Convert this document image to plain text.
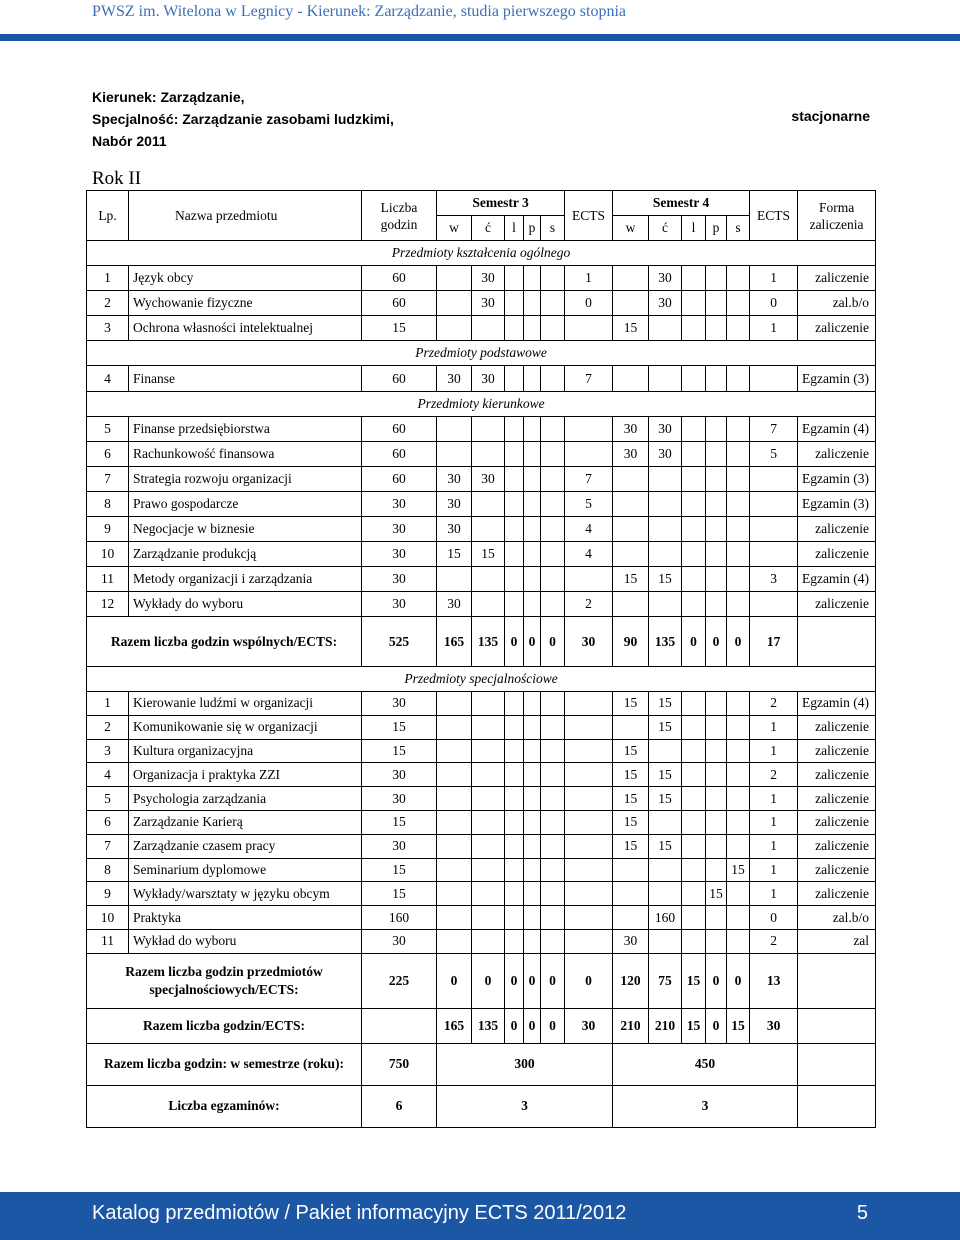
PWSZ im. Witelona w Legnicy - Kierunek: Zarządzanie, studia pierwszego stopnia
Kierunek: Zarządzanie,
Specjalność: Zarządzanie zasobami ludzkimi,
Nabór 2011
stacjonarne
Rok II
Lp.	Nazwa przedmiotu	Liczba godzin	Semestr 3					ECTS	Semestr 4					ECTS	Forma zaliczenia
			w	ć	l	p	s		w	ć	l	p	s		
Przedmioty kształcenia ogólnego															
1	Język obcy	60		30				1		30				1	zaliczenie
2	Wychowanie fizyczne	60		30				0		30				0	zal.b/o
3	Ochrona własności intelektualnej	15							15					1	zaliczenie
Przedmioty podstawowe															
4	Finanse	60	30	30				7							Egzamin (3)
Przedmioty kierunkowe															
5	Finanse przedsiębiorstwa	60							30	30				7	Egzamin (4)
6	Rachunkowość finansowa	60							30	30				5	zaliczenie
7	Strategia rozwoju organizacji	60	30	30				7							Egzamin (3)
8	Prawo gospodarcze	30	30					5							Egzamin (3)
9	Negocjacje w biznesie	30	30					4							zaliczenie
10	Zarządzanie produkcją	30	15	15				4							zaliczenie
11	Metody organizacji i zarządzania	30							15	15				3	Egzamin (4)
12	Wykłady do wyboru	30	30					2							zaliczenie
Razem liczba godzin wspólnych/ECTS:		525	165	135	0	0	0	30	90	135	0	0	0	17	
Przedmioty specjalnościowe															
1	Kierowanie ludźmi w organizacji	30							15	15				2	Egzamin (4)
2	Komunikowanie się w organizacji	15								15				1	zaliczenie
3	Kultura organizacyjna	15							15					1	zaliczenie
4	Organizacja i praktyka ZZI	30							15	15				2	zaliczenie
5	Psychologia zarządzania	30							15	15				1	zaliczenie
6	Zarządzanie Karierą	15							15					1	zaliczenie
7	Zarządzanie czasem pracy	30							15	15				1	zaliczenie
8	Seminarium dyplomowe	15											15	1	zaliczenie
9	Wykłady/warsztaty w języku obcym	15										15		1	zaliczenie
10	Praktyka	160								160				0	zal.b/o
11	Wykład do wyboru	30							30					2	zal
Razem liczba godzin przedmiotów specjalnościowych/ECTS:		225	0	0	0	0	0	0	120	75	15	0	0	13	
Razem liczba godzin/ECTS:			165	135	0	0	0	30	210	210	15	0	15	30	
Razem liczba godzin: w semestrze (roku):		750	300						450						
Liczba egzaminów:		6	3						3						
Katalog przedmiotów / Pakiet informacyjny ECTS 2011/2012	5
